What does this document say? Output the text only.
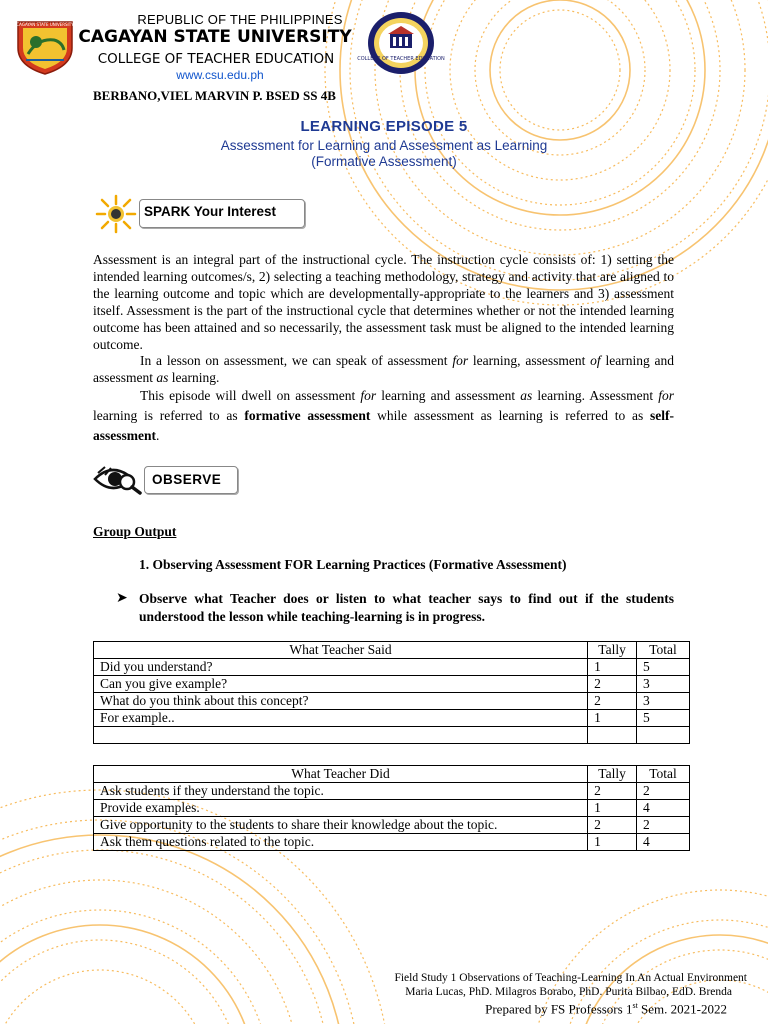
CAGAYAN STATE UNIVERSITY
COLLEGE OF TEACHER EDUCATION
REPUBLIC OF THE PHILIPPINES
CAGAYAN STATE UNIVERSITY
COLLEGE OF TEACHER EDUCATION
www.csu.edu.ph
BERBANO,VIEL MARVIN P. BSED SS 4B
LEARNING EPISODE 5
Assessment for Learning and Assessment as Learning
(Formative Assessment)
SPARK Your Interest
Assessment is an integral part of the instructional cycle. The instruction cycle consists of: 1) setting the intended learning outcomes/s, 2) selecting a teaching methodology, strategy and activity that are aligned to the learning outcome and topic which are developmentally-appropriate to the learners and 3) assessment itself. Assessment is the part of the instructional cycle that determines whether or not the intended learning outcome has been attained and so necessarily, the assessment task must be aligned to the intended learning outcome.
In a lesson on assessment, we can speak of assessment for learning, assessment of learning and assessment as learning.
This episode will dwell on assessment for learning and assessment as learning. Assessment for learning is referred to as formative assessment while assessment as learning is referred to as self-assessment.
OBSERVE
Group Output
1. Observing Assessment FOR Learning Practices (Formative Assessment)
➤ Observe what Teacher does or listen to what teacher says to find out if the students understood the lesson while teaching-learning is in progress.
What Teacher Said	Tally	Total
Did you understand?	1	5
Can you give example?	2	3
What do you think about this concept?	2	3
For example..	1	5

What Teacher Did	Tally	Total
Ask students if they understand the topic.	2	2
Provide examples.	1	4
Give opportunity to the students to share their knowledge about the topic.	2	2
Ask them questions related to the topic.	1	4
Field Study 1 Observations of Teaching-Learning In An Actual Environment
Maria Lucas, PhD. Milagros Borabo, PhD. Purita Bilbao, EdD. Brenda
Prepared by FS Professors 1st Sem. 2021-2022
